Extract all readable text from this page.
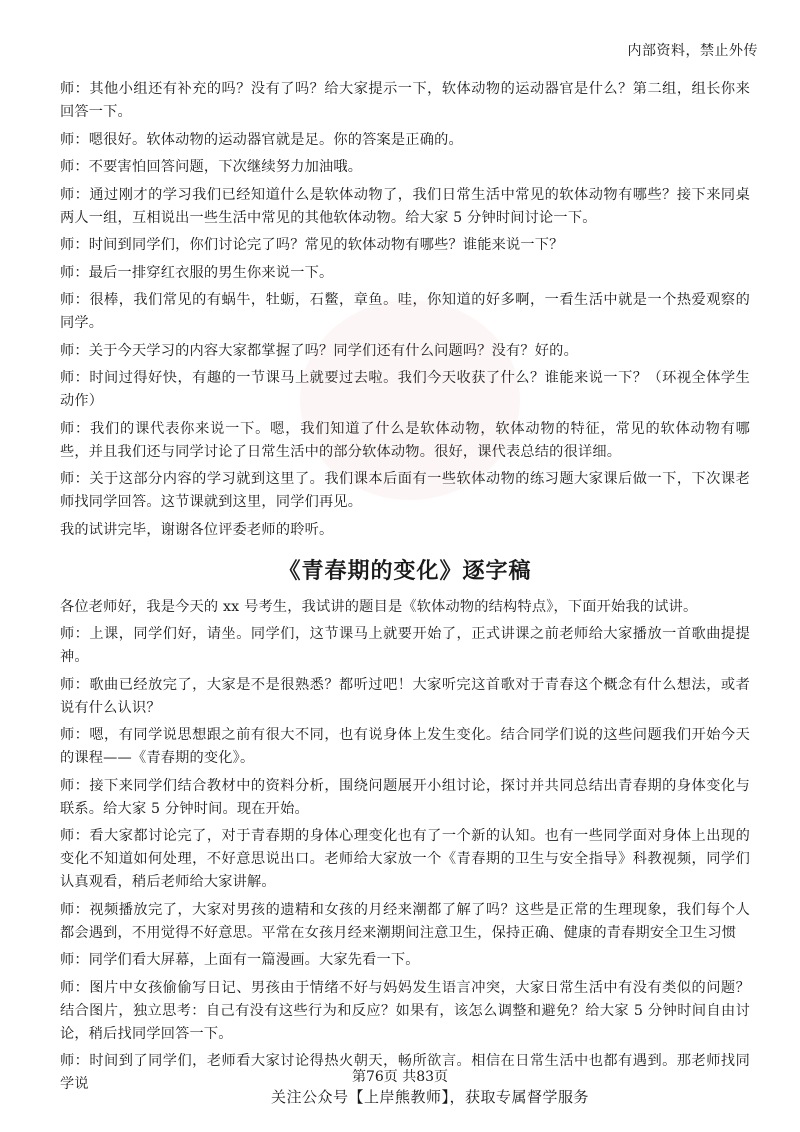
内部资料，禁止外传

师：其他小组还有补充的吗？没有了吗？给大家提示一下，软体动物的运动器官是什么？第二组，组长你来回答一下。

师：嗯很好。软体动物的运动器官就是足。你的答案是正确的。

师：不要害怕回答问题，下次继续努力加油哦。

师：通过刚才的学习我们已经知道什么是软体动物了，我们日常生活中常见的软体动物有哪些？接下来同桌两人一组，互相说出一些生活中常见的其他软体动物。给大家 5 分钟时间讨论一下。

师：时间到同学们，你们讨论完了吗？常见的软体动物有哪些？谁能来说一下？

师：最后一排穿红衣服的男生你来说一下。

师：很棒，我们常见的有蜗牛，牡蛎，石鳖，章鱼。哇，你知道的好多啊，一看生活中就是一个热爱观察的同学。

师：关于今天学习的内容大家都掌握了吗？同学们还有什么问题吗？没有？好的。

师：时间过得好快，有趣的一节课马上就要过去啦。我们今天收获了什么？谁能来说一下？（环视全体学生动作）

师：我们的课代表你来说一下。嗯，我们知道了什么是软体动物，软体动物的特征，常见的软体动物有哪些，并且我们还与同学讨论了日常生活中的部分软体动物。很好，课代表总结的很详细。

师：关于这部分内容的学习就到这里了。我们课本后面有一些软体动物的练习题大家课后做一下，下次课老师找同学回答。这节课就到这里，同学们再见。

我的试讲完毕，谢谢各位评委老师的聆听。

《青春期的变化》逐字稿

各位老师好，我是今天的 xx 号考生，我试讲的题目是《软体动物的结构特点》，下面开始我的试讲。

师：上课，同学们好，请坐。同学们，这节课马上就要开始了，正式讲课之前老师给大家播放一首歌曲提提神。

师：歌曲已经放完了，大家是不是很熟悉？都听过吧！大家听完这首歌对于青春这个概念有什么想法，或者说有什么认识？

师：嗯，有同学说思想跟之前有很大不同，也有说身体上发生变化。结合同学们说的这些问题我们开始今天的课程——《青春期的变化》。

师：接下来同学们结合教材中的资料分析，围绕问题展开小组讨论，探讨并共同总结出青春期的身体变化与联系。给大家 5 分钟时间。现在开始。

师：看大家都讨论完了，对于青春期的身体心理变化也有了一个新的认知。也有一些同学面对身体上出现的变化不知道如何处理，不好意思说出口。老师给大家放一个《青春期的卫生与安全指导》科教视频，同学们认真观看，稍后老师给大家讲解。

师：视频播放完了，大家对男孩的遗精和女孩的月经来潮都了解了吗？这些是正常的生理现象，我们每个人都会遇到，不用觉得不好意思。平常在女孩月经来潮期间注意卫生，保持正确、健康的青春期安全卫生习惯

师：同学们看大屏幕，上面有一篇漫画。大家先看一下。

师：图片中女孩偷偷写日记、男孩由于情绪不好与妈妈发生语言冲突，大家日常生活中有没有类似的问题？结合图片，独立思考：自己有没有这些行为和反应？如果有，该怎么调整和避免？给大家 5 分钟时间自由讨论，稍后找同学回答一下。

师：时间到了同学们，老师看大家讨论得热火朝天，畅所欲言。相信在日常生活中也都有遇到。那老师找同学说	第76页 共83页
关注公众号【上岸熊教师】，获取专属督学服务
